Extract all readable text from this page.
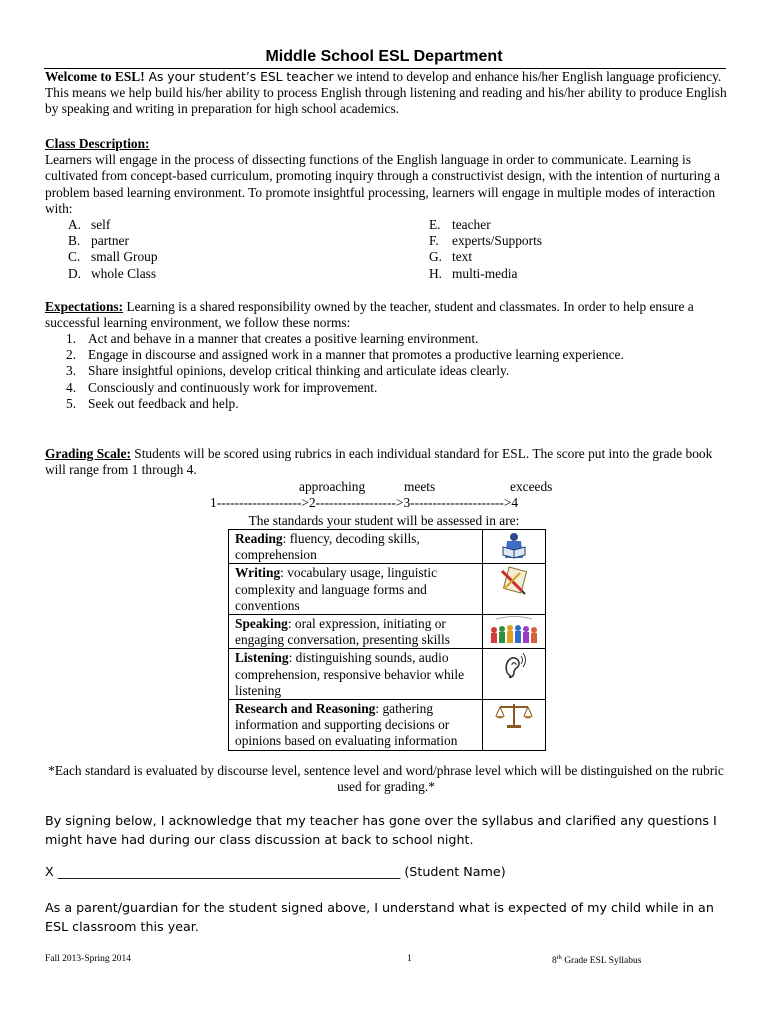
Middle School ESL Department
Welcome to ESL! As your student’s ESL teacher we intend to develop and enhance his/her English language proficiency. This means we help build his/her ability to process English through listening and reading and his/her ability to produce English by speaking and writing in preparation for high school academics.
Class Description:
Learners will engage in the process of dissecting functions of the English language in order to communicate. Learning is cultivated from concept-based curriculum, promoting inquiry through a constructivist design, with the intention of nurturing a problem based learning environment. To promote insightful processing, learners will engage in multiple modes of interaction with:
A. self
B. partner
C. small Group
D. whole Class
E. teacher
F. experts/Supports
G. text
H. multi-media
Expectations: Learning is a shared responsibility owned by the teacher, student and classmates. In order to help ensure a successful learning environment, we follow these norms:
1. Act and behave in a manner that creates a positive learning environment.
2. Engage in discourse and assigned work in a manner that promotes a productive learning experience.
3. Share insightful opinions, develop critical thinking and articulate ideas clearly.
4. Consciously and continuously work for improvement.
5. Seek out feedback and help.
Grading Scale: Students will be scored using rubrics in each individual standard for ESL. The score put into the grade book will range from 1 through 4.
approaching	meets	exceeds
1------------------->2------------------>3--------------------->4
The standards your student will be assessed in are:
Reading: fluency, decoding skills, comprehension	

Writing: vocabulary usage, linguistic complexity and language forms and conventions	

Speaking: oral expression, initiating or engaging conversation, presenting skills	

Listening: distinguishing sounds, audio comprehension, responsive behavior while listening	

Research and Reasoning: gathering information and supporting decisions or opinions based on evaluating information	
*Each standard is evaluated by discourse level, sentence level and word/phrase level which will be distinguished on the rubric used for grading.*
By signing below, I acknowledge that my teacher has gone over the syllabus and clarified any questions I might have had during our class discussion at back to school night.
X ______________________________________________________ (Student Name)
As a parent/guardian for the student signed above, I understand what is expected of my child while in an ESL classroom this year.
Fall 2013-Spring 2014	1	8th Grade ESL Syllabus
